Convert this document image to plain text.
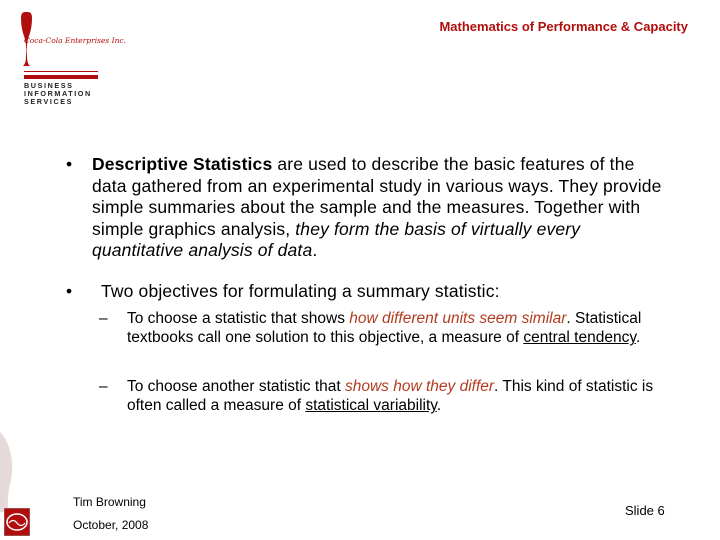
Mathematics of Performance & Capacity
Coca-Cola Enterprises Inc.
BUSINESS
INFORMATION
SERVICES
• Descriptive Statistics are used to describe the basic features of the data gathered from an experimental study in various ways. They provide simple summaries about the sample and the measures. Together with simple graphics analysis, they form the basis of virtually every quantitative analysis of data.
• Two objectives for formulating a summary statistic:
– To choose a statistic that shows how different units seem similar. Statistical textbooks call one solution to this objective, a measure of central tendency.
– To choose another statistic that shows how they differ. This kind of statistic is often called a measure of statistical variability.
Tim Browning
October, 2008
Slide 6
